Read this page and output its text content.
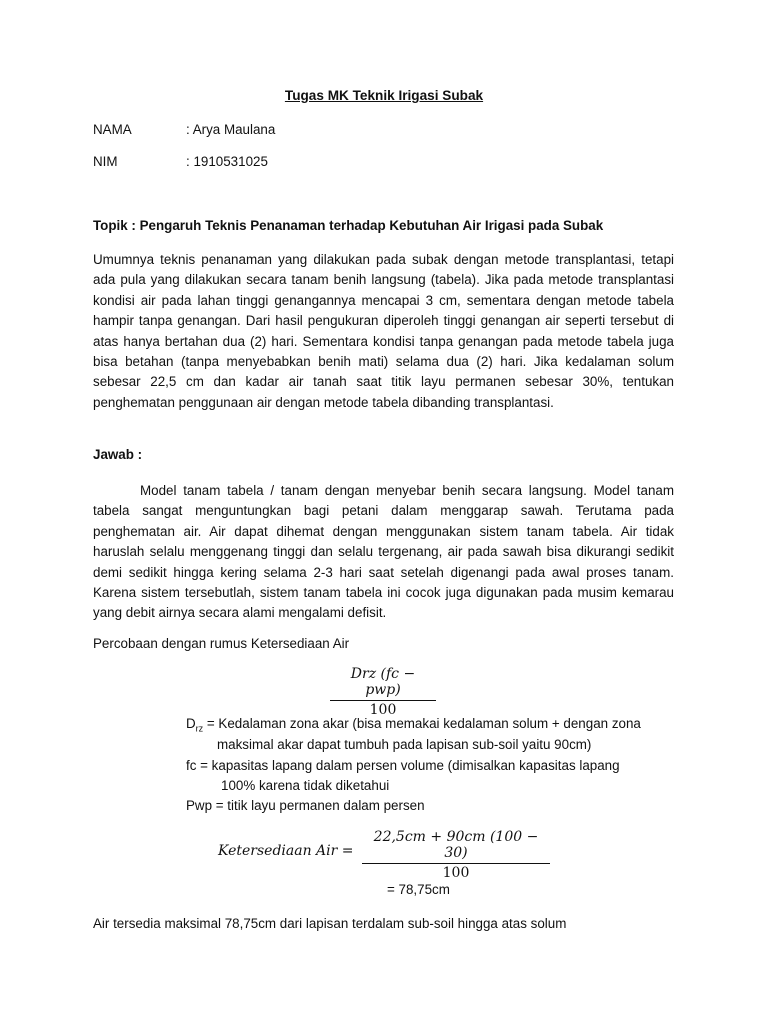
Tugas MK Teknik Irigasi Subak
NAMA	: Arya Maulana
NIM	: 1910531025
Topik : Pengaruh Teknis Penanaman terhadap Kebutuhan Air Irigasi pada Subak

Umumnya teknis penanaman yang dilakukan pada subak dengan metode transplantasi, tetapi ada pula yang dilakukan secara tanam benih langsung (tabela). Jika pada metode transplantasi kondisi air pada lahan tinggi genangannya mencapai 3 cm, sementara dengan metode tabela hampir tanpa genangan. Dari hasil pengukuran diperoleh tinggi genangan air seperti tersebut di atas hanya bertahan dua (2) hari. Sementara kondisi tanpa genangan pada metode tabela juga bisa betahan (tanpa menyebabkan benih mati) selama dua (2) hari. Jika kedalaman solum sebesar 22,5 cm dan kadar air tanah saat titik layu permanen sebesar 30%, tentukan penghematan penggunaan air dengan metode tabela dibanding transplantasi.

Jawab :

Model tanam tabela / tanam dengan menyebar benih secara langsung. Model tanam tabela sangat menguntungkan bagi petani dalam menggarap sawah. Terutama pada penghematan air. Air dapat dihemat dengan menggunakan sistem tanam tabela. Air tidak haruslah selalu menggenang tinggi dan selalu tergenang, air pada sawah bisa dikurangi sedikit demi sedikit hingga kering selama 2-3 hari saat setelah digenangi pada awal proses tanam. Karena sistem tersebutlah, sistem tanam tabela ini cocok juga digunakan pada musim kemarau yang debit airnya secara alami mengalami defisit.

Percobaan dengan rumus Ketersediaan Air
Drz (fc − pwp)
100
$D_{rz}$ = Kedalaman zona akar (bisa memakai kedalaman solum + dengan zona
maksimal akar dapat tumbuh pada lapisan sub-soil yaitu 90cm)
fc = kapasitas lapang dalam persen volume (dimisalkan kapasitas lapang
100% karena tidak diketahui
Pwp = titik layu permanen dalam persen
Ketersediaan Air =
22,5cm + 90cm (100 − 30)
100
= 78,75cm
Air tersedia maksimal 78,75cm dari lapisan terdalam sub-soil hingga atas solum
